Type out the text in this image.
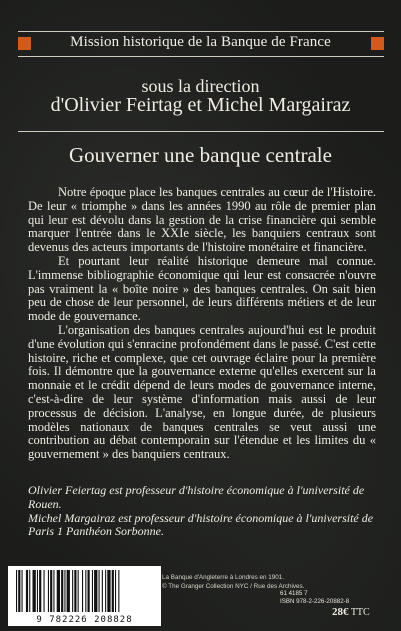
Mission historique de la Banque de France
sous la direction
d'Olivier Feirtag et Michel Margairaz
Gouverner une banque centrale

Notre époque place les banques centrales au cœur de l'Histoire. De leur « triomphe » dans les années 1990 au rôle de premier plan qui leur est dévolu dans la gestion de la crise financière qui semble marquer l'entrée dans le XXIe siècle, les banquiers centraux sont devenus des acteurs importants de l'histoire monétaire et financière.

Et pourtant leur réalité historique demeure mal connue. L'immense bibliographie économique qui leur est consacrée n'ouvre pas vraiment la « boîte noire » des banques centrales. On sait bien peu de chose de leur personnel, de leurs différents métiers et de leur mode de gouvernance.

L'organisation des banques centrales aujourd'hui est le produit d'une évolution qui s'enracine profondément dans le passé. C'est cette histoire, riche et complexe, que cet ouvrage éclaire pour la première fois. Il démontre que la gouvernance externe qu'elles exercent sur la monnaie et le crédit dépend de leurs modes de gouvernance interne, c'est-à-dire de leur système d'information mais aussi de leur processus de décision. L'analyse, en longue durée, de plusieurs modèles nationaux de banques centrales se veut aussi une contribution au débat contemporain sur l'étendue et les limites du « gouvernement » des banquiers centraux.

Olivier Feiertag est professeur d'histoire économique à l'université de Rouen.

Michel Margairaz est professeur d'histoire économique à l'université de Paris 1 Panthéon Sorbonne.

9 782226 208828
La Banque d'Angleterre à Londres en 1901.
© The Granger Collection NYC / Rue des Archives.
61 4185 7
ISBN 978-2-226-20882-8
28€ TTC
